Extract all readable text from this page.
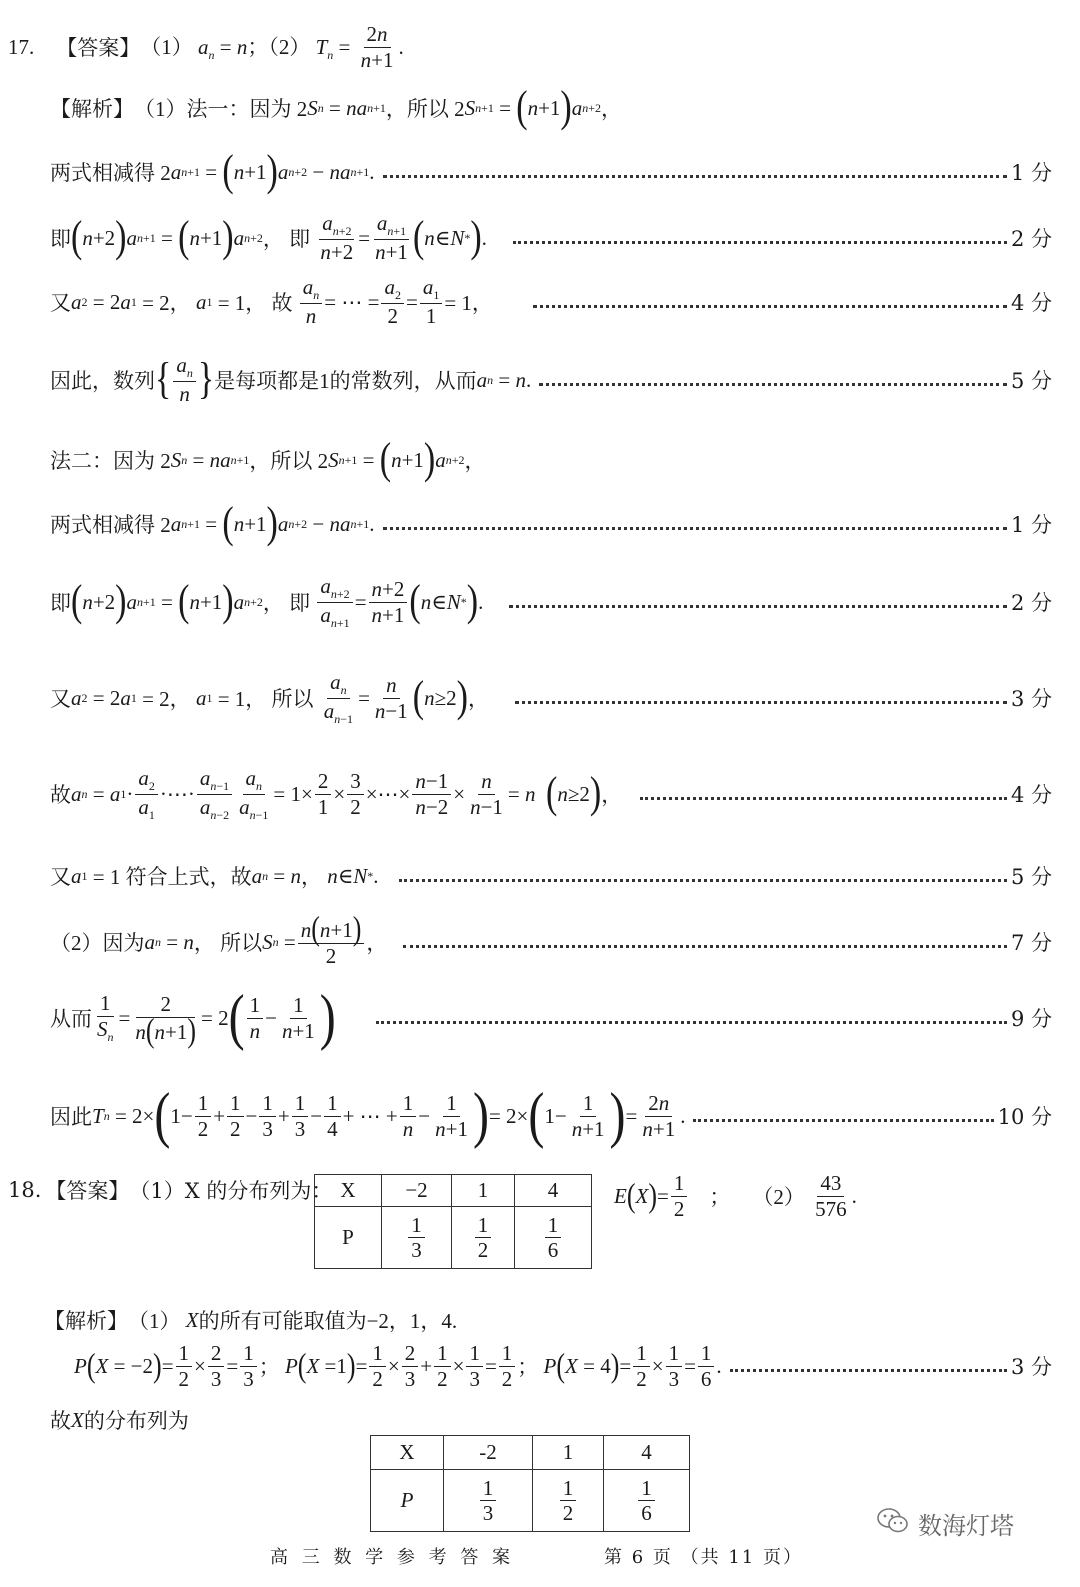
17. 【答案】 （1） $a_n = n$；（2） $T_n = \frac{2n}{n+1}$ .
【解析】 （1）法一：因为 2 S n = na n+1 ，所以 2 S n+1 = ( n +1 ) a n+2 ，
两式相减得 2 a n+1 = ( n +1 ) a n+2 − na n+1 .	1 分
即 ( n +2 ) a n+1 = ( n +1 ) a n+2 ， 即
$a_{n+2}$
n+2
=
$a_{n+1}$
n+1 ( n ∈ N * ) .	2 分
又 a 2 = 2 a 1 = 2， a 1 = 1， 故
$a_n$
n
= ⋯ =
$a_2$
2
=
$a_1$
1
= 1，	4 分
因此，数列 { $a_n$
n } 是每项都是1的常数列，从而 a n = n .	5 分
法二：因为 2 S n = na n+1 ，所以 2 S n+1 = ( n +1 ) a n+2 ，
两式相减得 2 a n+1 = ( n +1 ) a n+2 − na n+1 .	1 分
即 ( n +2 ) a n+1 = ( n +1 ) a n+2 ， 即
$a_{n+2}$
$a_{n+1}$
=
n+2
n+1 ( n ∈ N * ) .	2 分
又 a 2 = 2 a 1 = 2， a 1 = 1， 所以
$a_n$
$a_{n-1}$
=
n
n−1 ( n ≥2 ) ，	3 分
故 a n = a 1 ·
$a_2$
$a_1$
·⋯·
$a_{n-1}$
$a_{n-2}$
$a_n$
$a_{n-1}$
= 1×
2
1
×
3
2
×⋯×
n−1
n−2
×
n
n−1
= n
( n ≥2 ) ，	4 分
又 a 1 = 1 符合上式，故 a n = n ， n ∈ N * .	5 分
（2）因为 a n = n ， 所以 S n = n(n+1)
2
，	7 分
从而
1
$S_n$
=
2
n(n+1) = 2 ( 1
n
−
1
n+1 )	9 分
因此 T n = 2× ( 1−
1
2
+
1
2
−
1
3
+
1
3
−
1
4
+ ⋯ +
1
n
−
1
n+1 ) = 2× ( 1−
1
n+1 ) =
2n
n+1
.	10 分
18. 【答案】 （1）X 的分布列为： X	−2	1	4
P	$\frac{1}{3}$	$\frac{1}{2}$	$\frac{1}{6}$
E ( X ) =
1
2 ； （2）
43
576
.
【解析】 （1） X 的所有可能取值为−2，1，4.
P ( X = −2 ) =
1
2
×
2
3
=
1
3 ； P ( X =1 ) =
1
2
×
2
3
+
1
2
×
1
3
=
1
2 ； P ( X = 4 ) =
1
2
×
1
3
=
1
6
.	3 分
故 X 的分布列为
X	-2	1	4
P	$\frac{1}{3}$	$\frac{1}{2}$	$\frac{1}{6}$
数海灯塔
高 三 数 学 参 考 答 案	第 6 页 （共 11 页）
